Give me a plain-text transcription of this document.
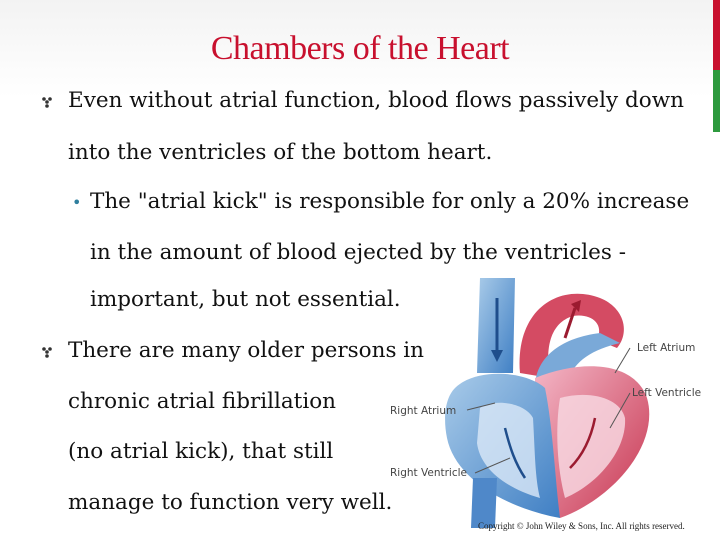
Chambers of the Heart
Even without atrial function, blood flows passively down
into the ventricles of the bottom heart.
• The "atrial kick" is responsible for only a 20% increase
in the amount of blood ejected by the ventricles -
important, but not essential.
There are many older persons in
chronic atrial fibrillation
(no atrial kick), that still
manage to function very well.
Left Atrium
Left Ventricle
Right Atrium
Right Ventricle
Copyright © John Wiley & Sons, Inc. All rights reserved.
